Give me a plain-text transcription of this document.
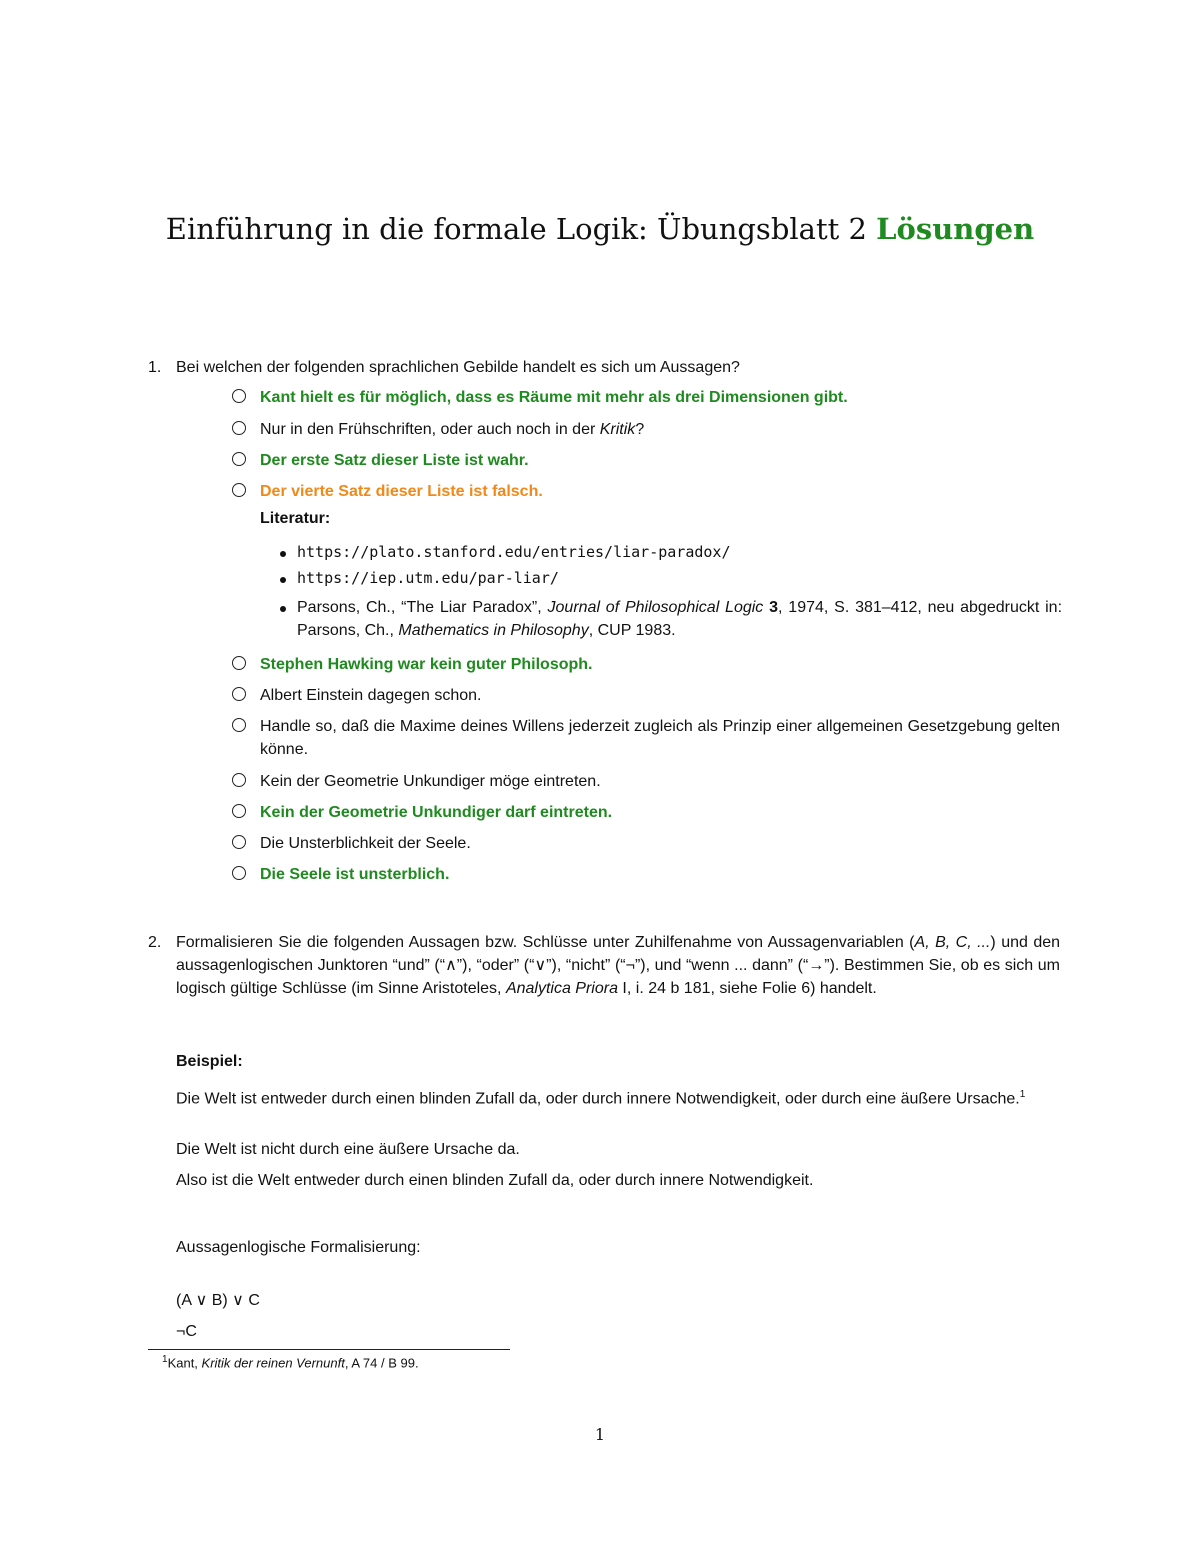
Einführung in die formale Logik: Übungsblatt 2 Lösungen
1. Bei welchen der folgenden sprachlichen Gebilde handelt es sich um Aussagen?
Kant hielt es für möglich, dass es Räume mit mehr als drei Dimensionen gibt.
Nur in den Frühschriften, oder auch noch in der Kritik?
Der erste Satz dieser Liste ist wahr.
Der vierte Satz dieser Liste ist falsch.
Literatur:
https://plato.stanford.edu/entries/liar-paradox/
https://iep.utm.edu/par-liar/
Parsons, Ch., “The Liar Paradox”, Journal of Philosophical Logic 3, 1974, S. 381–412, neu abgedruckt in: Parsons, Ch., Mathematics in Philosophy, CUP 1983.
Stephen Hawking war kein guter Philosoph.
Albert Einstein dagegen schon.
Handle so, daß die Maxime deines Willens jederzeit zugleich als Prinzip einer allgemeinen Gesetzgebung gelten könne.
Kein der Geometrie Unkundiger möge eintreten.
Kein der Geometrie Unkundiger darf eintreten.
Die Unsterblichkeit der Seele.
Die Seele ist unsterblich.
2. Formalisieren Sie die folgenden Aussagen bzw. Schlüsse unter Zuhilfenahme von Aussagenvariablen (A, B, C, ...) und den aussagenlogischen Junktoren “und” (“∧”), “oder” (“∨”), “nicht” (“¬”), und “wenn ... dann” (“→”). Bestimmen Sie, ob es sich um logisch gültige Schlüsse (im Sinne Aristoteles, Analytica Priora I, i. 24 b 181, siehe Folie 6) handelt.
Beispiel:
Die Welt ist entweder durch einen blinden Zufall da, oder durch innere Notwendigkeit, oder durch eine äußere Ursache.$^1$
Die Welt ist nicht durch eine äußere Ursache da.
Also ist die Welt entweder durch einen blinden Zufall da, oder durch innere Notwendigkeit.
Aussagenlogische Formalisierung:
(A ∨ B) ∨ C
¬C
$^1$Kant, Kritik der reinen Vernunft, A 74 / B 99.
1
